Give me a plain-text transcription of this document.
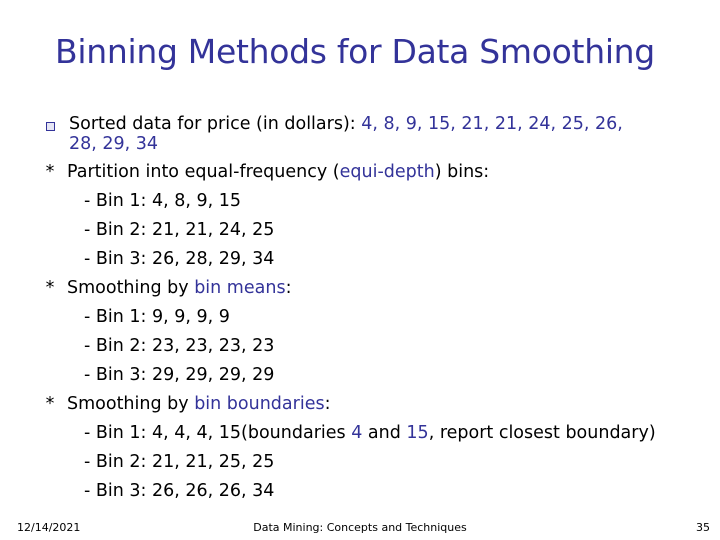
Binning Methods for Data Smoothing
Sorted data for price (in dollars): 4, 8, 9, 15, 21, 21, 24, 25, 26,
28, 29, 34
* Partition into equal-frequency (equi-depth) bins:
- Bin 1: 4, 8, 9, 15
- Bin 2: 21, 21, 24, 25
- Bin 3: 26, 28, 29, 34
* Smoothing by bin means:
- Bin 1: 9, 9, 9, 9
- Bin 2: 23, 23, 23, 23
- Bin 3: 29, 29, 29, 29
* Smoothing by bin boundaries:
- Bin 1: 4, 4, 4, 15(boundaries 4 and 15, report closest boundary)
- Bin 2: 21, 21, 25, 25
- Bin 3: 26, 26, 26, 34
12/14/2021	Data Mining: Concepts and Techniques	35
